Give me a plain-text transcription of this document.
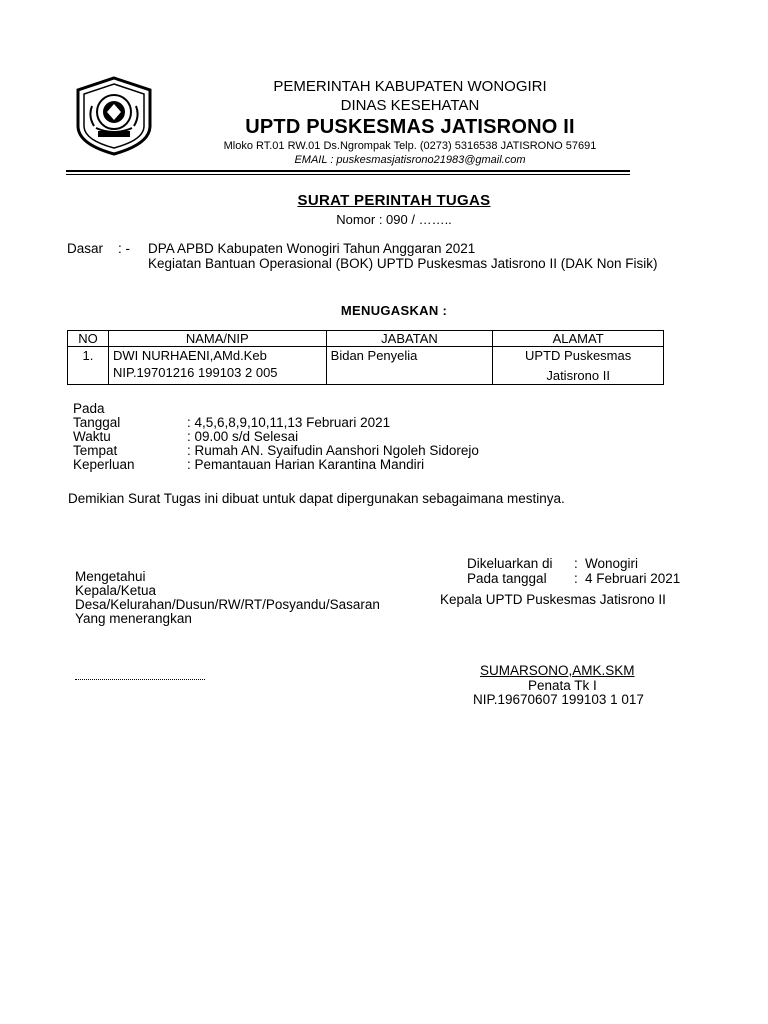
PEMERINTAH KABUPATEN WONOGIRI
DINAS KESEHATAN
UPTD PUSKESMAS JATISRONO II
Mloko RT.01 RW.01 Ds.Ngrompak Telp. (0273) 5316538 JATISRONO 57691
EMAIL : puskesmasjatisrono21983@gmail.com
SURAT PERINTAH TUGAS
Nomor : 090 / ……..
Dasar : - DPA APBD Kabupaten Wonogiri Tahun Anggaran 2021
Kegiatan Bantuan Operasional (BOK) UPTD Puskesmas Jatisrono II (DAK Non Fisik)
MENUGASKAN :
NO	NAMA/NIP	JABATAN	ALAMAT
1.	DWI NURHAENI,AMd.Keb	Bidan Penyelia	UPTD Puskesmas
	NIP.19701216 199103 2 005		Jatisrono II
Pada
Tanggal	: 4,5,6,8,9,10,11,13 Februari 2021
Waktu	: 09.00 s/d Selesai
Tempat	: Rumah AN. Syaifudin Aanshori Ngoleh Sidorejo
Keperluan	: Pemantauan Harian Karantina Mandiri
Demikian Surat Tugas ini dibuat untuk dapat dipergunakan sebagaimana mestinya.
Dikeluarkan di : Wonogiri
Pada tanggal : 4 Februari 2021
Kepala UPTD Puskesmas Jatisrono II
Mengetahui
Kepala/Ketua
Desa/Kelurahan/Dusun/RW/RT/Posyandu/Sasaran
Yang menerangkan
SUMARSONO,AMK.SKM
Penata Tk I
NIP.19670607 199103 1 017
